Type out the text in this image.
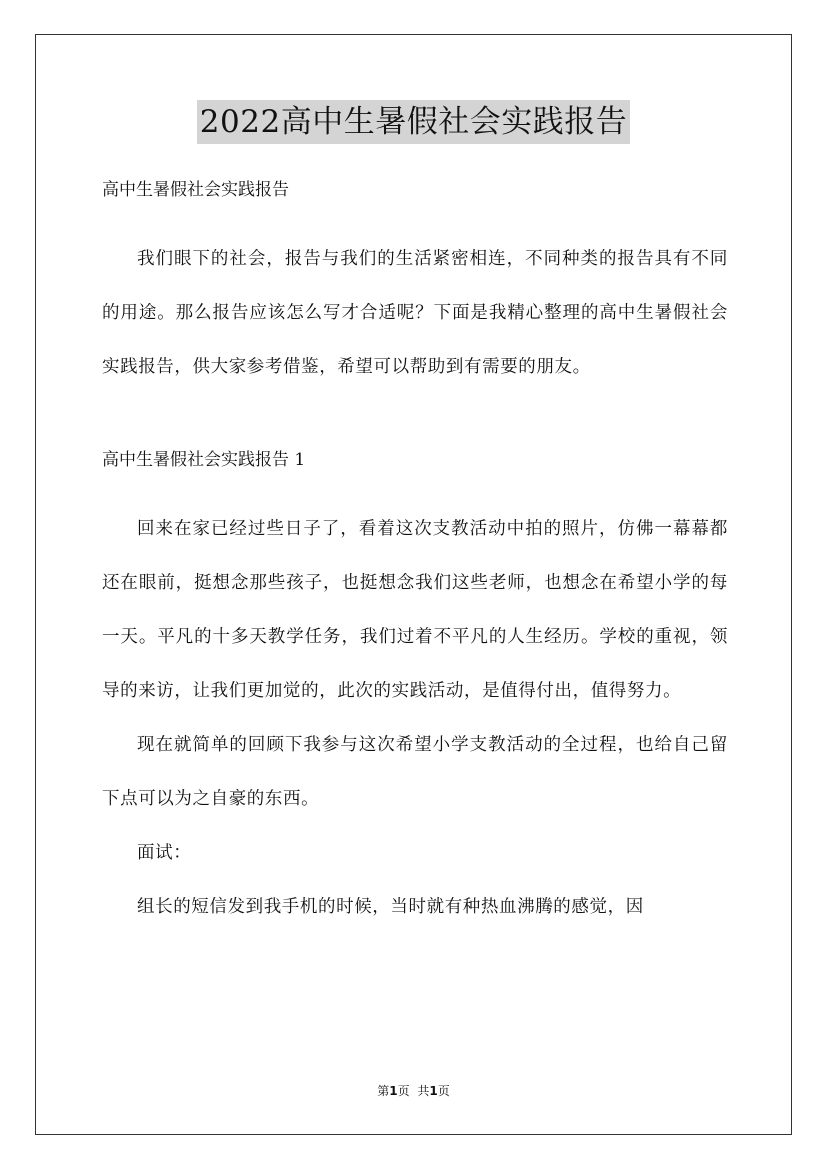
2022高中生暑假社会实践报告

高中生暑假社会实践报告

我们眼下的社会，报告与我们的生活紧密相连，不同种类的报告具有不同的用途。那么报告应该怎么写才合适呢？下面是我精心整理的高中生暑假社会实践报告，供大家参考借鉴，希望可以帮助到有需要的朋友。

高中生暑假社会实践报告 1

回来在家已经过些日子了，看着这次支教活动中拍的照片，仿佛一幕幕都还在眼前，挺想念那些孩子，也挺想念我们这些老师，也想念在希望小学的每一天。平凡的十多天教学任务，我们过着不平凡的人生经历。学校的重视，领导的来访，让我们更加觉的，此次的实践活动，是值得付出，值得努力。

现在就简单的回顾下我参与这次希望小学支教活动的全过程，也给自己留下点可以为之自豪的东西。

面试：

组长的短信发到我手机的时候，当时就有种热血沸腾的感觉，因

第1页 共1页
